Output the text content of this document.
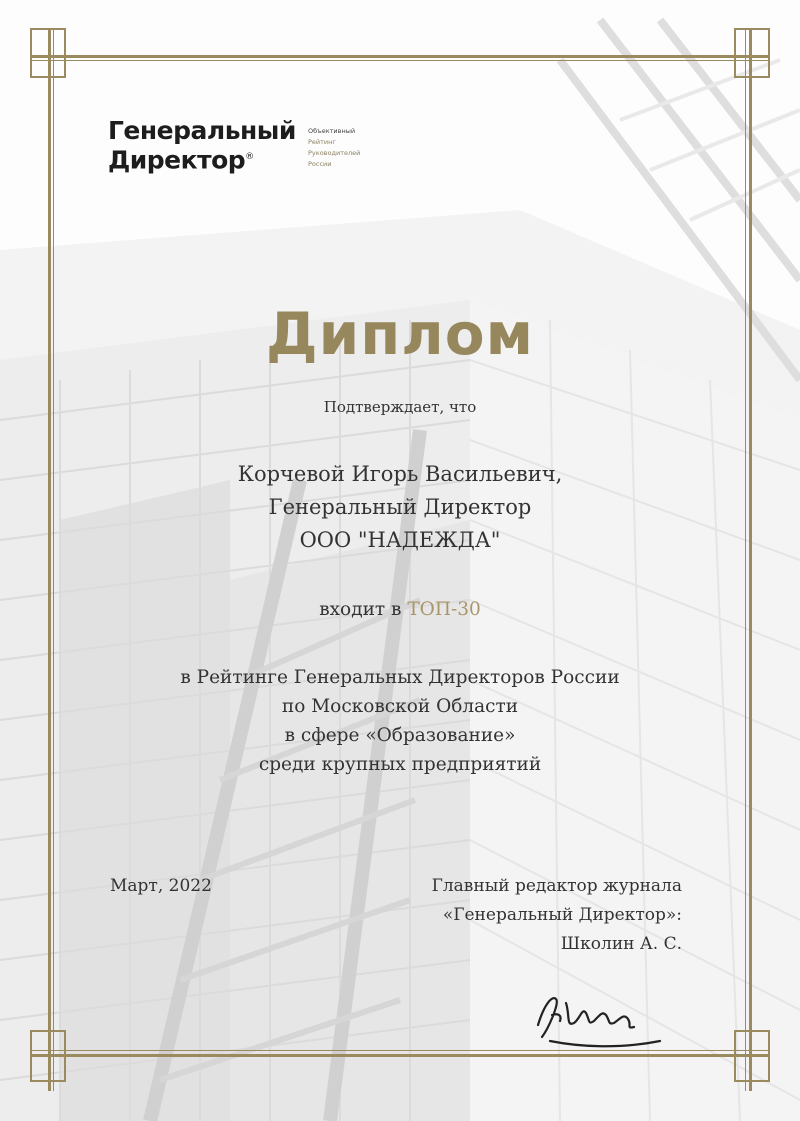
Генеральный
Директор®
Объективный
Рейтинг
Руководителей
России
Диплом
Подтверждает, что
Корчевой Игорь Васильевич,
Генеральный Директор
ООО "НАДЕЖДА"
входит в ТОП-30
в Рейтинге Генеральных Директоров России
по Московской Области
в сфере «Образование»
среди крупных предприятий
Март, 2022	Главный редактор журнала
«Генеральный Директор»:
Школин А. С.
